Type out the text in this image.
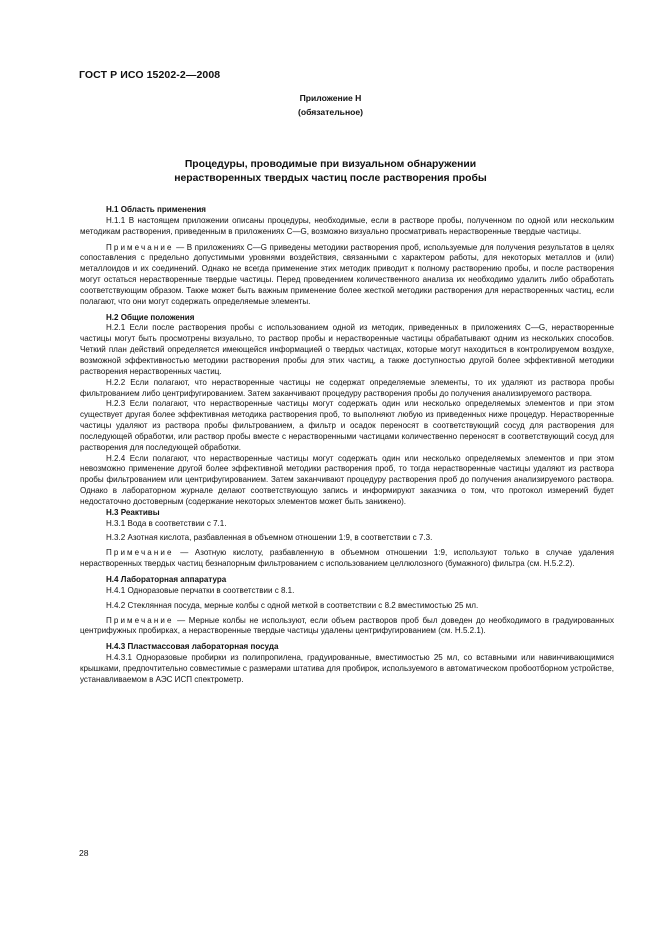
ГОСТ Р ИСО 15202-2—2008
Приложение Н
(обязательное)
Процедуры, проводимые при визуальном обнаружении
нерастворенных твердых частиц после растворения пробы

Н.1 Область применения

Н.1.1 В настоящем приложении описаны процедуры, необходимые, если в растворе пробы, полученном по одной или нескольким методикам растворения, приведенным в приложениях С—G, возможно визуально просматривать нерастворенные твердые частицы.

Примечание — В приложениях С—G приведены методики растворения проб, используемые для получения результатов в целях сопоставления с предельно допустимыми уровнями воздействия, связанными с характером работы, для некоторых металлов и (или) металлоидов и их соединений. Однако не всегда применение этих методик приводит к полному растворению пробы, и после растворения могут остаться нерастворенные твердые частицы. Перед проведением количественного анализа их необходимо удалить либо обработать соответствующим образом. Также может быть важным применение более жесткой методики растворения для нерастворенных частиц, если полагают, что они могут содержать определяемые элементы.

Н.2 Общие положения

Н.2.1 Если после растворения пробы с использованием одной из методик, приведенных в приложениях С—G, нерастворенные частицы могут быть просмотрены визуально, то раствор пробы и нерастворенные частицы обрабатывают одним из нескольких способов. Четкий план действий определяется имеющейся информацией о твердых частицах, которые могут находиться в контролируемом воздухе, возможной эффективностью методики растворения пробы для этих частиц, а также доступностью другой более эффективной методики растворения нерастворенных частиц.

Н.2.2 Если полагают, что нерастворенные частицы не содержат определяемые элементы, то их удаляют из раствора пробы фильтрованием либо центрифугированием. Затем заканчивают процедуру растворения пробы до получения анализируемого раствора.

Н.2.3 Если полагают, что нерастворенные частицы могут содержать один или несколько определяемых элементов и при этом существует другая более эффективная методика растворения проб, то выполняют любую из приведенных ниже процедур. Нерастворенные частицы удаляют из раствора пробы фильтрованием, а фильтр и осадок переносят в соответствующий сосуд для растворения для последующей обработки, или раствор пробы вместе с нерастворенными частицами количественно переносят в соответствующий сосуд для растворения для последующей обработки.

Н.2.4 Если полагают, что нерастворенные частицы могут содержать один или несколько определяемых элементов и при этом невозможно применение другой более эффективной методики растворения проб, то тогда нерастворенные частицы удаляют из раствора пробы фильтрованием или центрифугированием. Затем заканчивают процедуру растворения проб до получения анализируемого раствора. Однако в лабораторном журнале делают соответствующую запись и информируют заказчика о том, что протокол измерений будет недостаточно достоверным (содержание некоторых элементов может быть занижено).

Н.3 Реактивы

Н.3.1 Вода в соответствии с 7.1.

Н.3.2 Азотная кислота, разбавленная в объемном отношении 1:9, в соответствии с 7.3.

Примечание — Азотную кислоту, разбавленную в объемном отношении 1:9, используют только в случае удаления нерастворенных твердых частиц безнапорным фильтрованием с использованием целлюлозного (бумажного) фильтра (см. Н.5.2.2).

Н.4 Лабораторная аппаратура

Н.4.1 Одноразовые перчатки в соответствии с 8.1.

Н.4.2 Стеклянная посуда, мерные колбы с одной меткой в соответствии с 8.2 вместимостью 25 мл.

Примечание — Мерные колбы не используют, если объем растворов проб был доведен до необходимого в градуированных центрифужных пробирках, а нерастворенные твердые частицы удалены центрифугированием (см. Н.5.2.1).

Н.4.3 Пластмассовая лабораторная посуда

Н.4.3.1 Одноразовые пробирки из полипропилена, градуированные, вместимостью 25 мл, со вставными или навинчивающимися крышками, предпочтительно совместимые с размерами штатива для пробирок, используемого в автоматическом пробоотборном устройстве, устанавливаемом в АЭС ИСП спектрометр.

28
